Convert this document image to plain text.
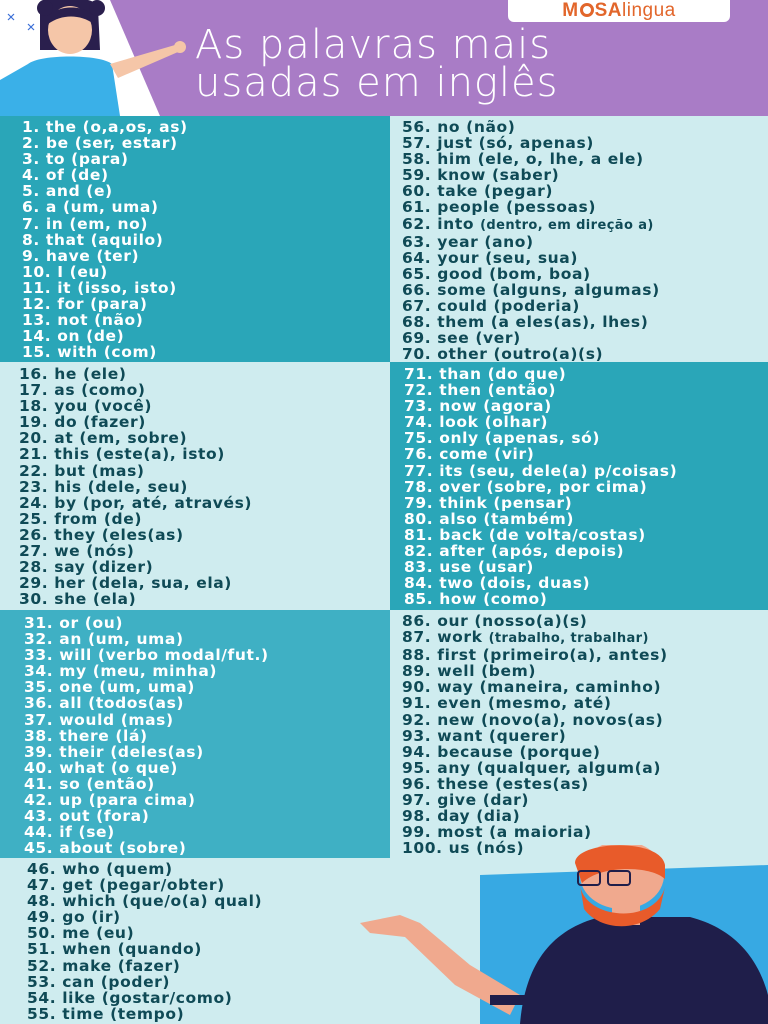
M SAlingua
As palavras mais
usadas em inglês
1. the (o,a,os, as)
2. be (ser, estar)
3. to (para)
4. of (de)
5. and (e)
6. a (um, uma)
7. in (em, no)
8. that (aquilo)
9. have (ter)
10. I (eu)
11. it (isso, isto)
12. for (para)
13. not (não)
14. on (de)
15. with (com)
16. he (ele)
17. as (como)
18. you (você)
19. do (fazer)
20. at (em, sobre)
21. this (este(a), isto)
22. but (mas)
23. his (dele, seu)
24. by (por, até, através)
25. from (de)
26. they (eles(as)
27. we (nós)
28. say (dizer)
29. her (dela, sua, ela)
30. she (ela)
31. or (ou)
32. an (um, uma)
33. will (verbo modal/fut.)
34. my (meu, minha)
35. one (um, uma)
36. all (todos(as)
37. would (mas)
38. there (lá)
39. their (deles(as)
40. what (o que)
41. so (então)
42. up (para cima)
43. out (fora)
44. if (se)
45. about (sobre)
46. who (quem)
47. get (pegar/obter)
48. which (que/o(a) qual)
49. go (ir)
50. me (eu)
51. when (quando)
52. make (fazer)
53. can (poder)
54. like (gostar/como)
55. time (tempo)
56. no (não)
57. just (só, apenas)
58. him (ele, o, lhe, a ele)
59. know (saber)
60. take (pegar)
61. people (pessoas)
62. into (dentro, em direção a)
63. year (ano)
64. your (seu, sua)
65. good (bom, boa)
66. some (alguns, algumas)
67. could (poderia)
68. them (a eles(as), lhes)
69. see (ver)
70. other (outro(a)(s)
71. than (do que)
72. then (então)
73. now (agora)
74. look (olhar)
75. only (apenas, só)
76. come (vir)
77. its (seu, dele(a) p/coisas)
78. over (sobre, por cima)
79. think (pensar)
80. also (também)
81. back (de volta/costas)
82. after (após, depois)
83. use (usar)
84. two (dois, duas)
85. how (como)
86. our (nosso(a)(s)
87. work (trabalho, trabalhar)
88. first (primeiro(a), antes)
89. well (bem)
90. way (maneira, caminho)
91. even (mesmo, até)
92. new (novo(a), novos(as)
93. want (querer)
94. because (porque)
95. any (qualquer, algum(a)
96. these (estes(as)
97. give (dar)
98. day (dia)
99. most (a maioria)
100. us (nós)
